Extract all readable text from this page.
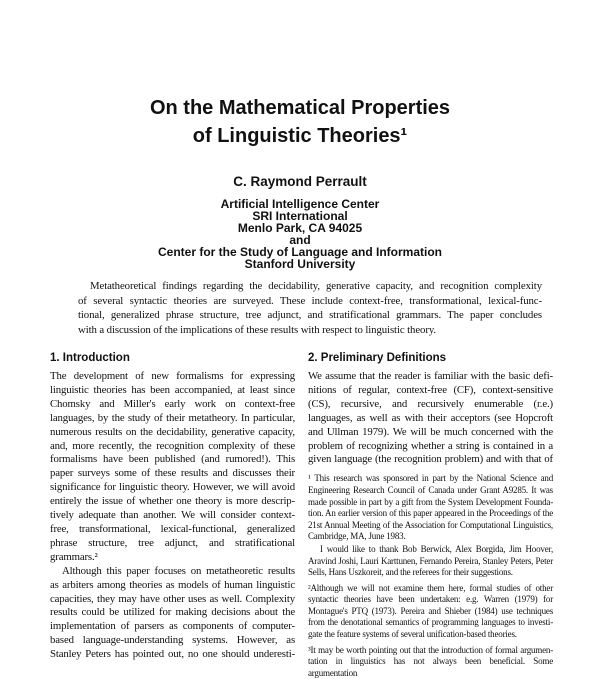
On the Mathematical Properties
of Linguistic Theories¹
C. Raymond Perrault
Artificial Intelligence Center
SRI International
Menlo Park, CA 94025
and
Center for the Study of Language and Information
Stanford University
Metatheoretical findings regarding the decidability, generative capacity, and recognition complexity
of several syntactic theories are surveyed. These include context-free, transformational, lexical-func-
tional, generalized phrase structure, tree adjunct, and stratificational grammars. The paper concludes
with a discussion of the implications of these results with respect to linguistic theory.
1. Introduction
The development of new formalisms for expressing
linguistic theories has been accompanied, at least since
Chomsky and Miller's early work on context-free
languages, by the study of their metatheory. In particular,
numerous results on the decidability, generative capacity,
and, more recently, the recognition complexity of these
formalisms have been published (and rumored!). This
paper surveys some of these results and discusses their
significance for linguistic theory. However, we will avoid
entirely the issue of whether one theory is more descrip-
tively adequate than another. We will consider context-
free, transformational, lexical-functional, generalized
phrase structure, tree adjunct, and stratificational
grammars.²
Although this paper focuses on metatheoretic results
as arbiters among theories as models of human linguistic
capacities, they may have other uses as well. Complexity
results could be utilized for making decisions about the
implementation of parsers as components of computer-
based language-understanding systems. However, as
Stanley Peters has pointed out, no one should underesti-
2. Preliminary Definitions
We assume that the reader is familiar with the basic defi-
nitions of regular, context-free (CF), context-sensitive
(CS), recursive, and recursively enumerable (r.e.)
languages, as well as with their acceptors (see Hopcroft
and Ullman 1979). We will be much concerned with the
problem of recognizing whether a string is contained in a
given language (the recognition problem) and with that of
¹ This research was sponsored in part by the National Science and
Engineering Research Council of Canada under Grant A9285. It was
made possible in part by a gift from the System Development Founda-
tion. An earlier version of this paper appeared in the Proceedings of the
21st Annual Meeting of the Association for Computational Linguistics,
Cambridge, MA, June 1983.
I would like to thank Bob Berwick, Alex Borgida, Jim Hoover,
Aravind Joshi, Lauri Karttunen, Fernando Pereira, Stanley Peters, Peter
Sells, Hans Uszkoreit, and the referees for their suggestions.
²Although we will not examine them here, formal studies of other
syntactic theories have been undertaken: e.g. Warren (1979) for
Montague's PTQ (1973). Pereira and Shieber (1984) use techniques
from the denotational semantics of programming languages to investi-
gate the feature systems of several unification-based theories.
³It may be worth pointing out that the introduction of formal argumen-
tation in linguistics has not always been beneficial. Some argumentation
